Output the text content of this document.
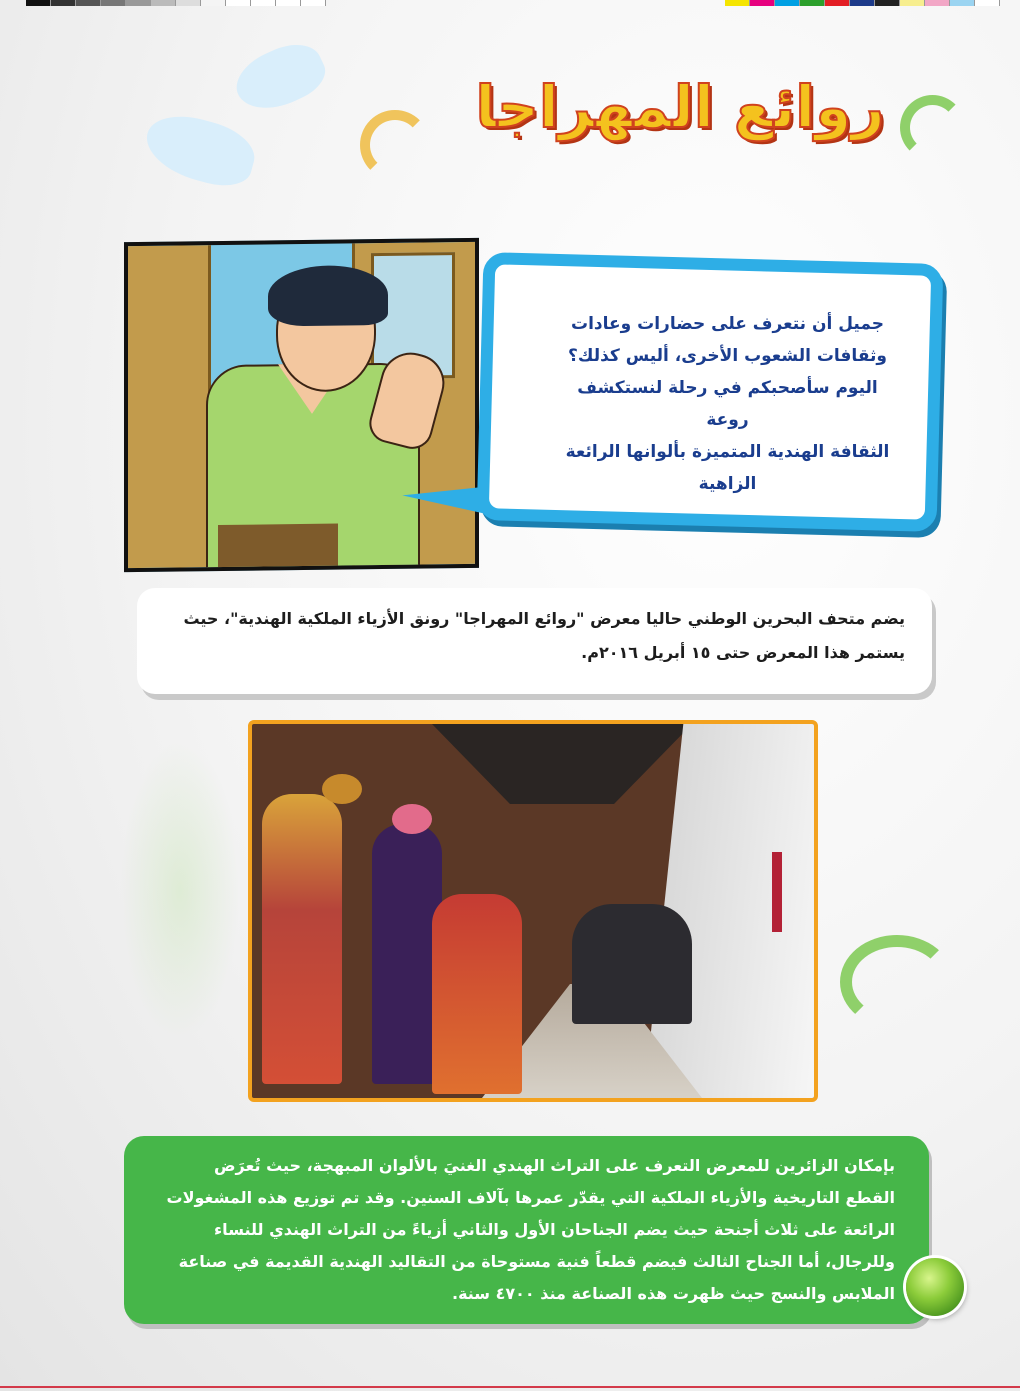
روائع المهراجا
جميل أن نتعرف على حضارات وعادات
وثقافات الشعوب الأخرى، أليس كذلك؟
اليوم سأصحبكم في رحلة لنستكشف روعة
الثقافة الهندية المتميزة بألوانها الرائعة
الزاهية
يضم متحف البحرين الوطني حاليا معرض "روائع المهراجا" رونق الأزياء الملكية الهندية"، حيث
يستمر هذا المعرض حتى ١٥ أبريل ٢٠١٦م.
بإمكان الزائرين للمعرض التعرف على التراث الهندي الغنيَ بالألوان المبهجة، حيث تُعرَض
القطع التاريخية والأزياء الملكية التي يقدّر عمرها بآلاف السنين. وقد تم توزيع هذه المشغولات
الرائعة على ثلاث أجنحة حيث يضم الجناحان الأول والثاني أزياءً من التراث الهندي للنساء
وللرجال، أما الجناح الثالث فيضم قطعاً فنية مستوحاة من التقاليد الهندية القديمة في صناعة
الملابس والنسج حيث ظهرت هذه الصناعة منذ ٤٧٠٠ سنة.
